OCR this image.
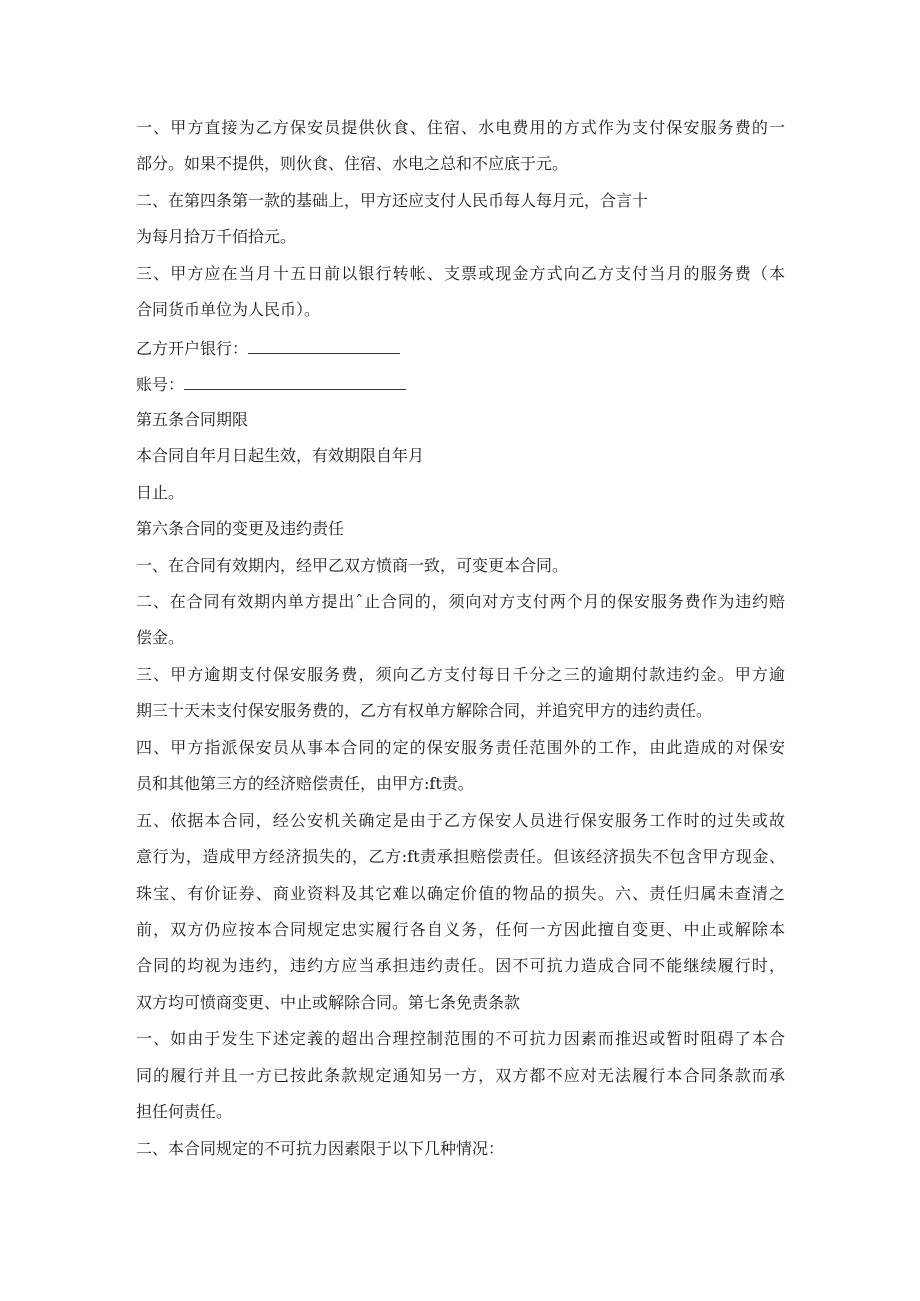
一、甲方直接为乙方保安员提供伙食、住宿、水电费用的方式作为支付保安服务费的一

部分。如果不提供，则伙食、住宿、水电之总和不应底于元。

二、在第四条第一款的基础上，甲方还应支付人民币每人每月元，合言十

为每月拾万千佰拾元。

三、甲方应在当月十五日前以银行转帐、支票或现金方式向乙方支付当月的服务费（本

合同货币单位为人民币）。

乙方开户银行：
账号：

第五条合同期限

本合同自年月日起生效，有效期限自年月

日止。

第六条合同的变更及违约责任

一、在合同有效期内，经甲乙双方愤商一致，可变更本合同。

二、在合同有效期内单方提出ˆ止合同的，须向对方支付两个月的保安服务费作为违约赔

偿金。

三、甲方逾期支付保安服务费，须向乙方支付每日千分之三的逾期付款违约金。甲方逾

期三十天未支付保安服务费的，乙方有权单方解除合同，并追究甲方的违约责任。

四、甲方指派保安员从事本合同的定的保安服务责任范围外的工作，由此造成的对保安

员和其他第三方的经济赔偿责任，由甲方:ft责。

五、依据本合同，经公安机关确定是由于乙方保安人员进行保安服务工作时的过失或故

意行为，造成甲方经济损失的，乙方:ft责承担赔偿责任。但该经济损失不包含甲方现金、

珠宝、有价证券、商业资料及其它难以确定价值的物品的损失。六、责任归属未查清之

前，双方仍应按本合同规定忠实履行各自义务，任何一方因此擅自变更、中止或解除本

合同的均视为违约，违约方应当承担违约责任。因不可抗力造成合同不能继续履行时，

双方均可愤商变更、中止或解除合同。第七条免责条款

一、如由于发生下述定義的超出合理控制范围的不可抗力因素而推迟或暂时阻碍了本合

同的履行并且一方已按此条款规定通知另一方，双方都不应对无法履行本合同条款而承

担任何责任。

二、本合同规定的不可抗力因素限于以下几种情况：
